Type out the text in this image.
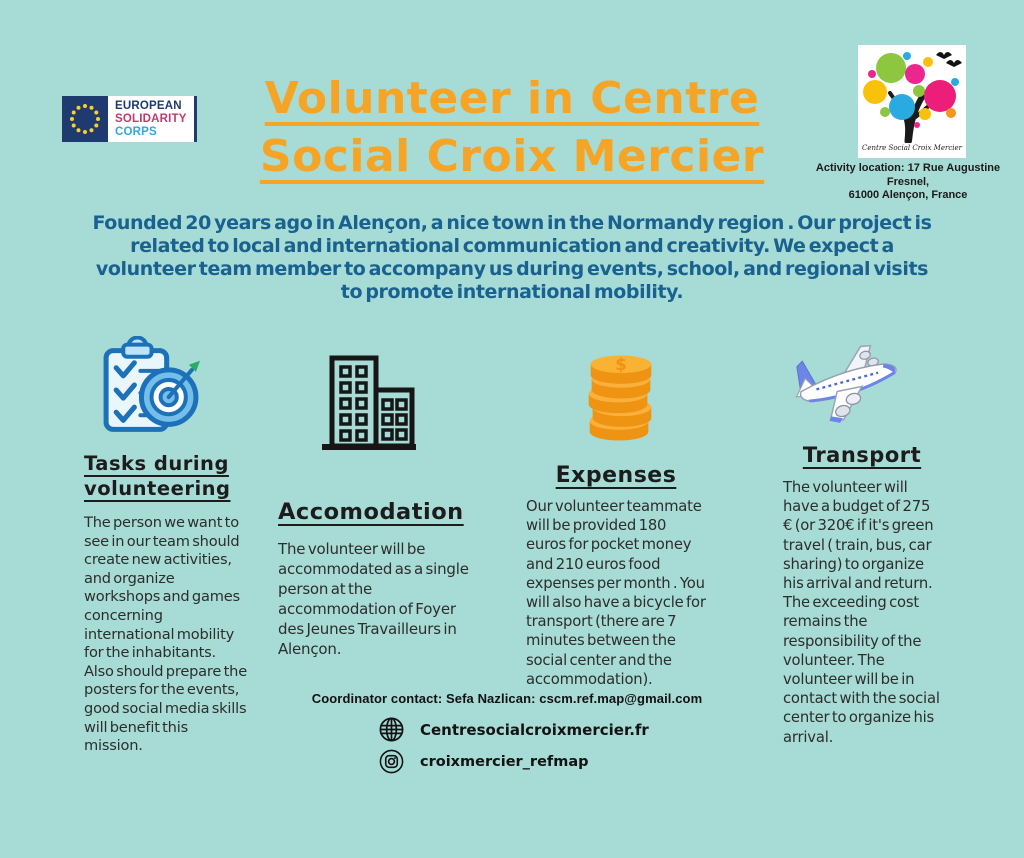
EUROPEAN
SOLIDARITY
CORPS
Volunteer in Centre
Social Croix Mercier	Centre Social Croix Mercier
Activity location: 17 Rue Augustine Fresnel,
61000 Alençon, France

Founded 20 years ago in Alençon, a nice town in the Normandy region . Our project is related to local and international communication and creativity. We expect a volunteer team member to accompany us during events, school, and regional visits to promote international mobility.

Tasks during volunteering

The person we want to see in our team should create new activities, and organize workshops and games concerning international mobility for the inhabitants. Also should prepare the posters for the events, good social media skills will benefit this mission.

Accomodation

The volunteer will be accommodated as a single person at the accommodation of Foyer des Jeunes Travailleurs in Alençon.

$
Expenses

Our volunteer teammate will be provided 180 euros for pocket money and 210 euros food expenses per month . You will also have a bicycle for transport (there are 7 minutes between the social center and the accommodation).

Transport

The volunteer will have a budget of 275 € (or 320€ if it's green travel ( train, bus, car sharing) to organize his arrival and return. The exceeding cost remains the responsibility of the volunteer. The volunteer will be in contact with the social center to organize his arrival.

Coordinator contact: Sefa Nazlican: cscm.ref.map@gmail.com
Centresocialcroixmercier.fr
croixmercier_refmap
